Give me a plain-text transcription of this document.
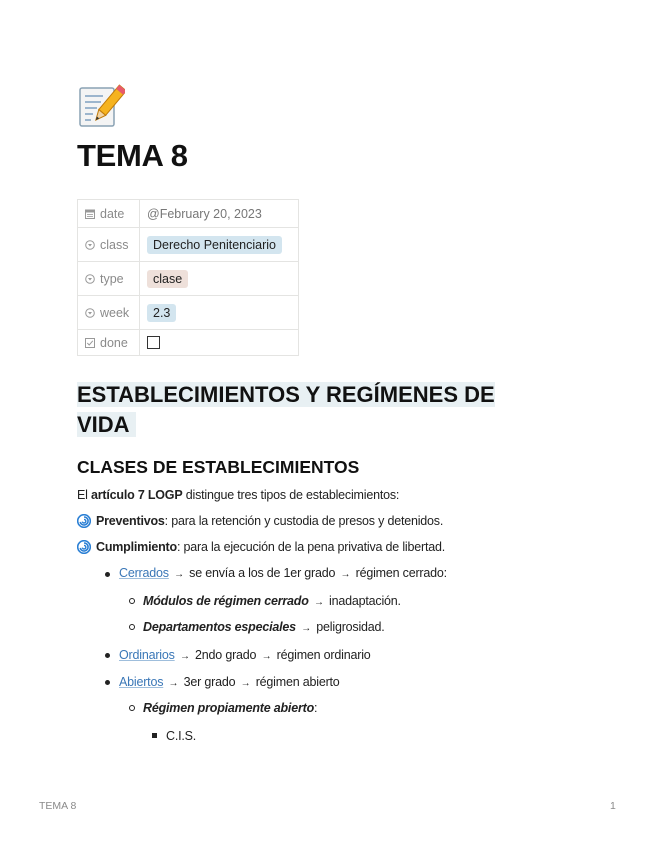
TEMA 8
date	@February 20, 2023
class	Derecho Penitenciario
type	clase
week	2.3
done	
ESTABLECIMIENTOS Y REGÍMENES DE VIDA
CLASES DE ESTABLECIMIENTOS

El artículo 7 LOGP distingue tres tipos de establecimientos:

Preventivos: para la retención y custodia de presos y detenidos.

Cumplimiento: para la ejecución de la pena privativa de libertad.

Cerrados → se envía a los de 1er grado → régimen cerrado:

Módulos de régimen cerrado → inadaptación.

Departamentos especiales → peligrosidad.

Ordinarios → 2ndo grado → régimen ordinario

Abiertos → 3er grado → régimen abierto

Régimen propiamente abierto:

C.I.S.

TEMA 8	1
